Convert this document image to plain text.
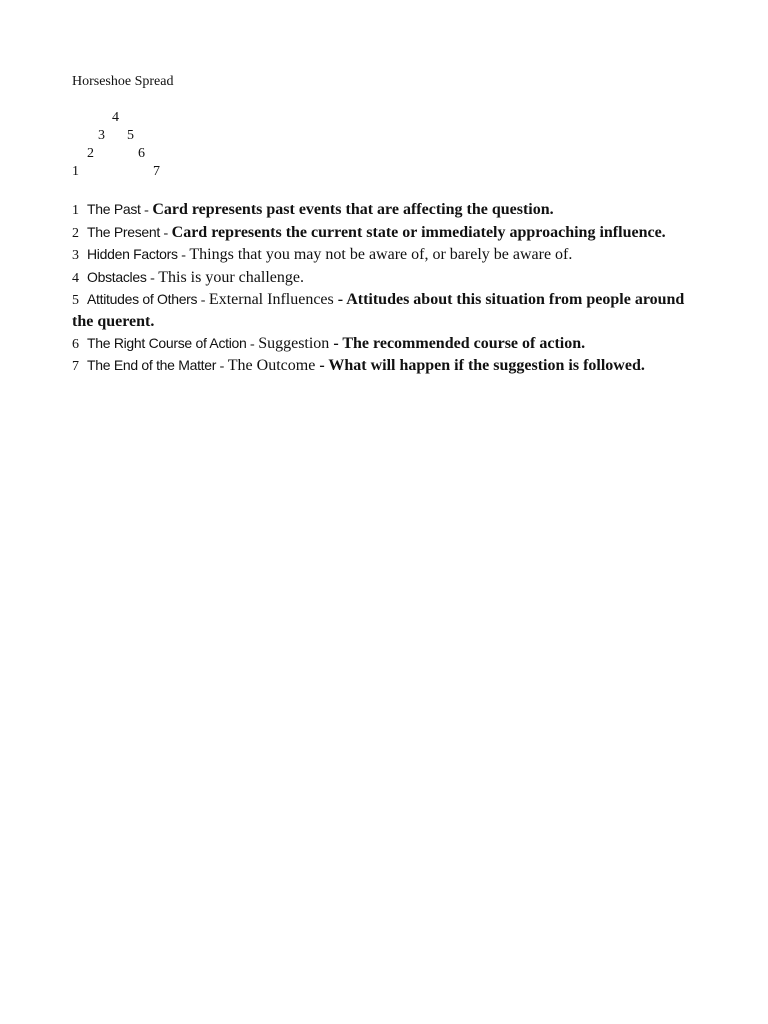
Horseshoe Spread
4
3 5
2	6
1	7
1 The Past - Card represents past events that are affecting the question.
2 The Present - Card represents the current state or immediately approaching influence.
3 Hidden Factors - Things that you may not be aware of, or barely be aware of.
4 Obstacles - This is your challenge.
5 Attitudes of Others - External Influences - Attitudes about this situation from people around the querent.
6 The Right Course of Action - Suggestion - The recommended course of action.
7 The End of the Matter - The Outcome - What will happen if the suggestion is followed.
